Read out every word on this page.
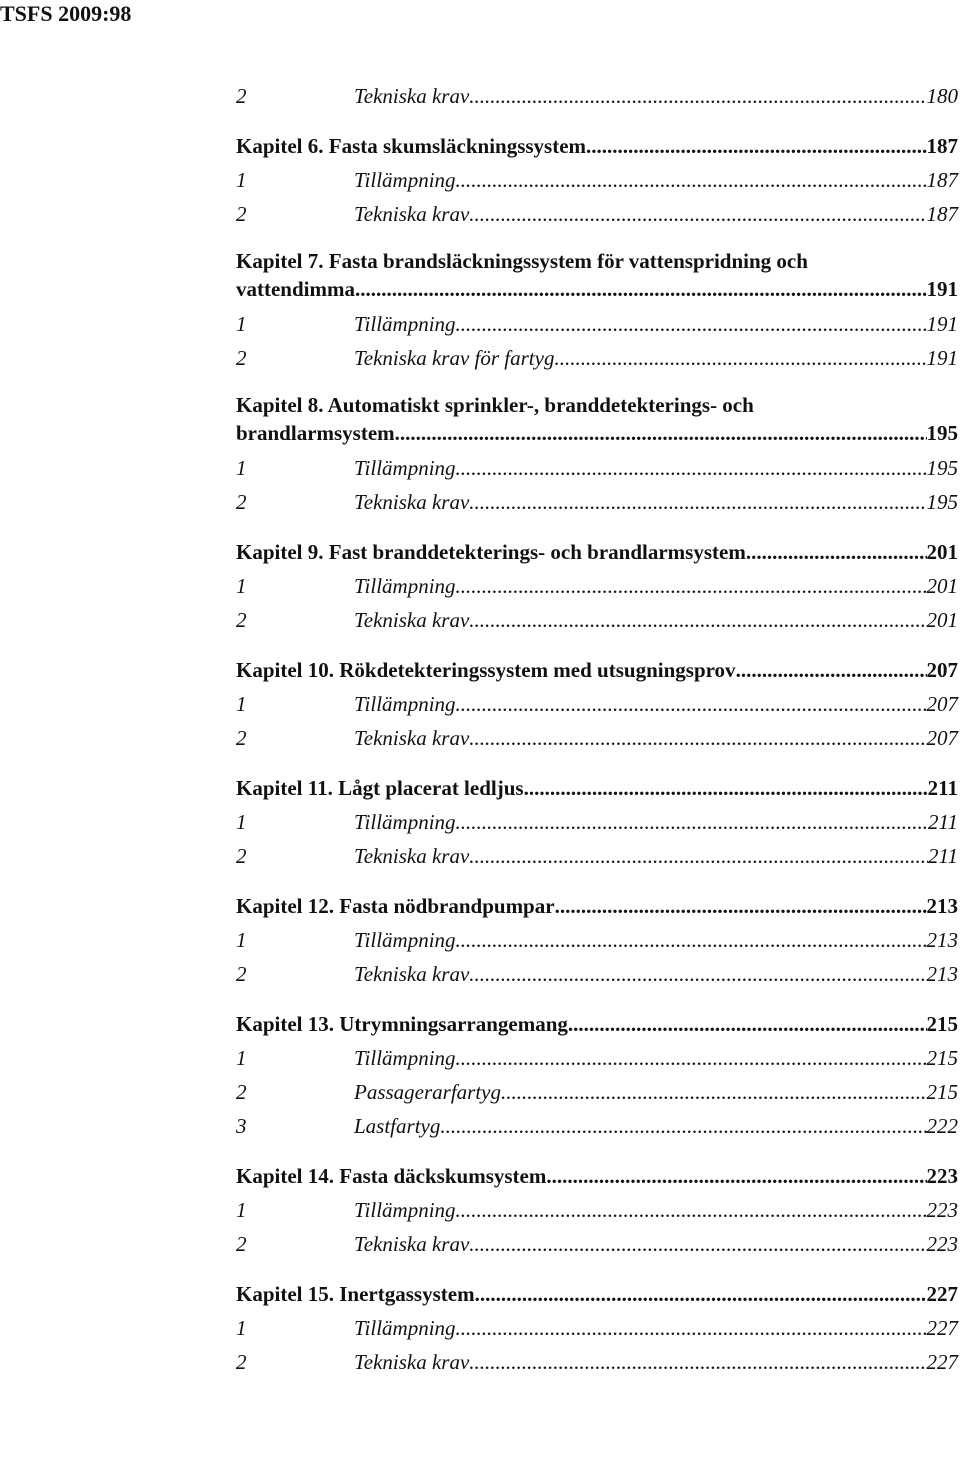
TSFS 2009:98
2	Tekniska krav .....	180
Kapitel 6. Fasta skumsläckningssystem .....	187
1	Tillämpning .....	187
2	Tekniska krav .....	187
Kapitel 7. Fasta brandsläckningssystem för vattenspridning och
vattendimma .....	191
1	Tillämpning .....	191
2	Tekniska krav för fartyg .....	191
Kapitel 8. Automatiskt sprinkler-, branddetekterings- och
brandlarmsystem .....	195
1	Tillämpning .....	195
2	Tekniska krav .....	195
Kapitel 9. Fast branddetekterings- och brandlarmsystem .....	201
1	Tillämpning .....	201
2	Tekniska krav .....	201
Kapitel 10. Rökdetekteringssystem med utsugningsprov .....	207
1	Tillämpning .....	207
2	Tekniska krav .....	207
Kapitel 11. Lågt placerat ledljus .....	211
1	Tillämpning .....	211
2	Tekniska krav .....	211
Kapitel 12. Fasta nödbrandpumpar .....	213
1	Tillämpning .....	213
2	Tekniska krav .....	213
Kapitel 13. Utrymningsarrangemang .....	215
1	Tillämpning .....	215
2	Passagerarfartyg .....	215
3	Lastfartyg .....	222
Kapitel 14. Fasta däckskumsystem .....	223
1	Tillämpning .....	223
2	Tekniska krav .....	223
Kapitel 15. Inertgassystem .....	227
1	Tillämpning .....	227
2	Tekniska krav .....	227
